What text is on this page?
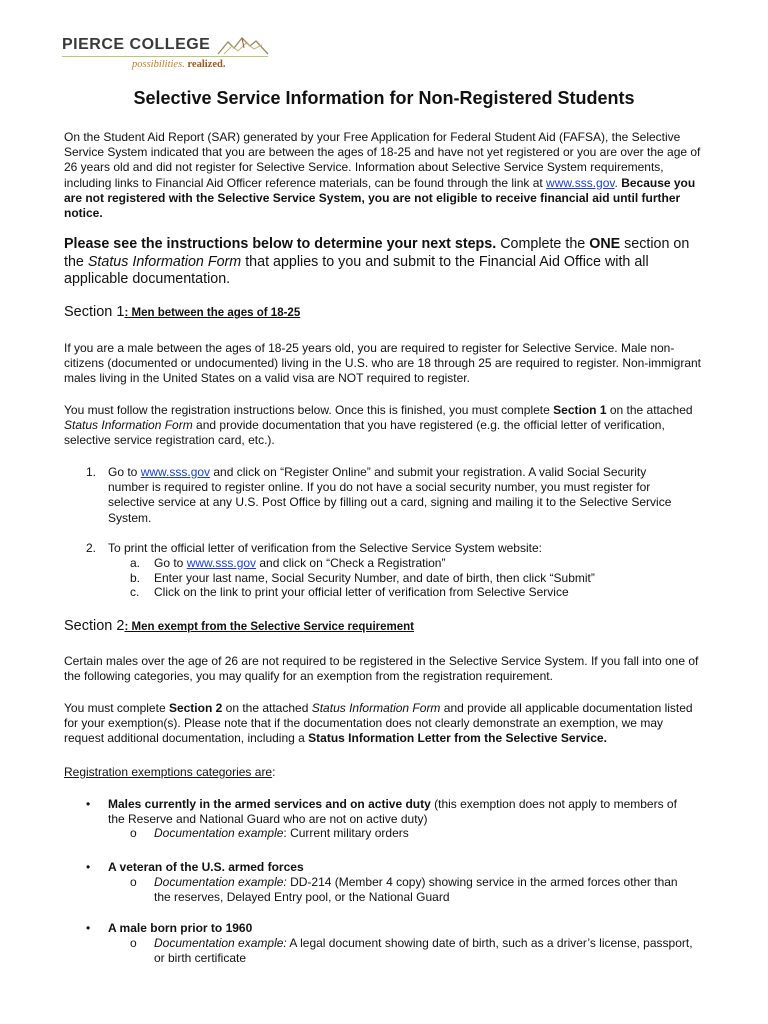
PIERCE COLLEGE
possibilities. realized.
Selective Service Information for Non-Registered Students

On the Student Aid Report (SAR) generated by your Free Application for Federal Student Aid (FAFSA), the Selective Service System indicated that you are between the ages of 18-25 and have not yet registered or you are over the age of 26 years old and did not register for Selective Service. Information about Selective Service System requirements, including links to Financial Aid Officer reference materials, can be found through the link at www.sss.gov. Because you are not registered with the Selective Service System, you are not eligible to receive financial aid until further notice.

Please see the instructions below to determine your next steps. Complete the ONE section on the Status Information Form that applies to you and submit to the Financial Aid Office with all applicable documentation.

Section 1: Men between the ages of 18-25

If you are a male between the ages of 18-25 years old, you are required to register for Selective Service. Male non-citizens (documented or undocumented) living in the U.S. who are 18 through 25 are required to register. Non-immigrant males living in the United States on a valid visa are NOT required to register.

You must follow the registration instructions below. Once this is finished, you must complete Section 1 on the attached Status Information Form and provide documentation that you have registered (e.g. the official letter of verification, selective service registration card, etc.).

1. Go to www.sss.gov and click on “Register Online” and submit your registration. A valid Social Security number is required to register online. If you do not have a social security number, you must register for selective service at any U.S. Post Office by filling out a card, signing and mailing it to the Selective Service System.

2. To print the official letter of verification from the Selective Service System website:

a. Go to www.sss.gov and click on “Check a Registration”

b. Enter your last name, Social Security Number, and date of birth, then click “Submit”

c. Click on the link to print your official letter of verification from Selective Service

Section 2: Men exempt from the Selective Service requirement

Certain males over the age of 26 are not required to be registered in the Selective Service System. If you fall into one of the following categories, you may qualify for an exemption from the registration requirement.

You must complete Section 2 on the attached Status Information Form and provide all applicable documentation listed for your exemption(s). Please note that if the documentation does not clearly demonstrate an exemption, we may request additional documentation, including a Status Information Letter from the Selective Service.

Registration exemptions categories are:

• Males currently in the armed services and on active duty (this exemption does not apply to members of the Reserve and National Guard who are not on active duty)

o Documentation example: Current military orders

• A veteran of the U.S. armed forces

o Documentation example: DD-214 (Member 4 copy) showing service in the armed forces other than the reserves, Delayed Entry pool, or the National Guard

• A male born prior to 1960

o Documentation example: A legal document showing date of birth, such as a driver’s license, passport, or birth certificate
